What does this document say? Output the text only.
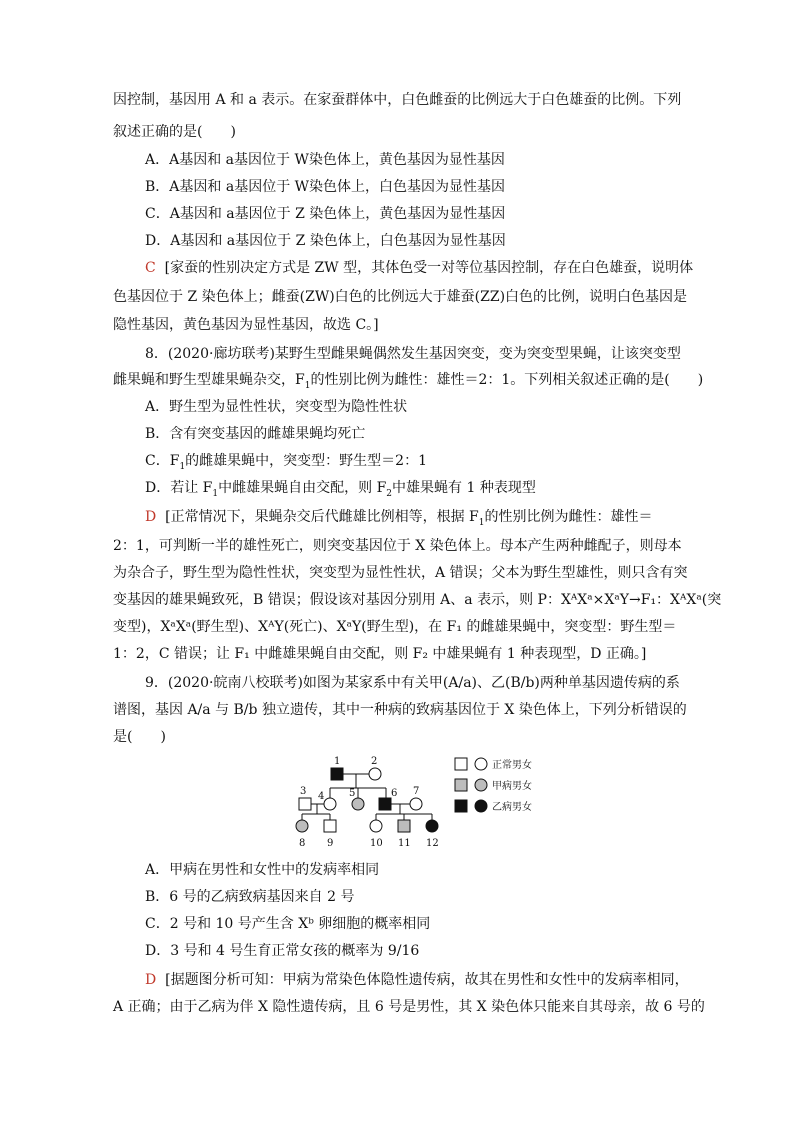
因控制，基因用 A 和 a 表示。在家蚕群体中，白色雌蚕的比例远大于白色雄蚕的比例。下列
叙述正确的是(　　)
A．A基因和 a基因位于 W染色体上，黄色基因为显性基因
B．A基因和 a基因位于 W染色体上，白色基因为显性基因
C．A基因和 a基因位于 Z 染色体上，黄色基因为显性基因
D．A基因和 a基因位于 Z 染色体上，白色基因为显性基因
C [家蚕的性别决定方式是 ZW 型，其体色受一对等位基因控制，存在白色雄蚕，说明体
色基因位于 Z 染色体上；雌蚕(ZW)白色的比例远大于雄蚕(ZZ)白色的比例，说明白色基因是
隐性基因，黄色基因为显性基因，故选 C。]
8．(2020·廊坊联考)某野生型雌果蝇偶然发生基因突变，变为突变型果蝇，让该突变型
雌果蝇和野生型雄果蝇杂交，$F_1$的性别比例为雌性：雄性＝2：1。下列相关叙述正确的是(　　)
A．野生型为显性性状，突变型为隐性性状
B．含有突变基因的雌雄果蝇均死亡
C．$F_1$的雌雄果蝇中，突变型：野生型＝2：1
D．若让 $F_1$中雌雄果蝇自由交配，则 $F_2$中雄果蝇有 1 种表现型
D [正常情况下，果蝇杂交后代雌雄比例相等，根据 $F_1$的性别比例为雌性：雄性＝
2：1，可判断一半的雄性死亡，则突变基因位于 X 染色体上。母本产生两种雌配子，则母本
为杂合子，野生型为隐性性状，突变型为显性性状，A 错误；父本为野生型雄性，则只含有突
变基因的雄果蝇致死，B 错误；假设该对基因分别用 A、a 表示，则 P：XᴬXᵃ×XᵃY→F₁：XᴬXᵃ(突
变型)，XᵃXᵃ(野生型)、XᴬY(死亡)、XᵃY(野生型)，在 F₁ 的雌雄果蝇中，突变型：野生型＝
1：2，C 错误；让 F₁ 中雌雄果蝇自由交配，则 F₂ 中雄果蝇有 1 种表现型，D 正确。]
9．(2020·皖南八校联考)如图为某家系中有关甲(A/a)、乙(B/b)两种单基因遗传病的系
谱图，基因 A/a 与 B/b 独立遗传，其中一种病的致病基因位于 X 染色体上，下列分析错误的
是(　　)
1	2
3 4 5	6 7
8 9	10 11 12
正常男女
甲病男女
乙病男女
A．甲病在男性和女性中的发病率相同
B．6 号的乙病致病基因来自 2 号
C．2 号和 10 号产生含 Xᵇ 卵细胞的概率相同
D．3 号和 4 号生育正常女孩的概率为 9/16
D [据题图分析可知：甲病为常染色体隐性遗传病，故其在男性和女性中的发病率相同，
A 正确；由于乙病为伴 X 隐性遗传病，且 6 号是男性，其 X 染色体只能来自其母亲，故 6 号的
